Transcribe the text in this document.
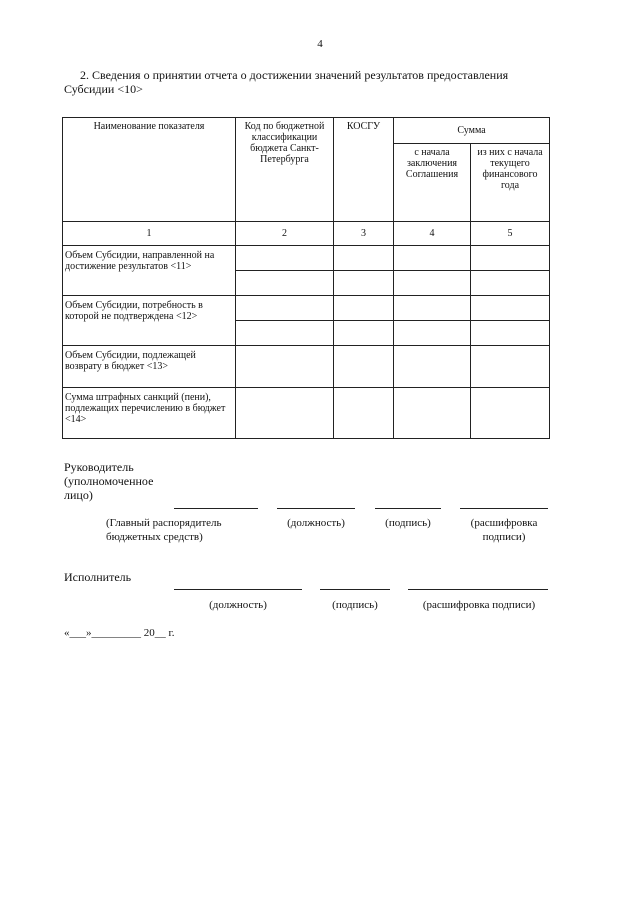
4
2. Сведения о принятии отчета о достижении значений результатов предоставления
Субсидии <10>
Наименование показателя	Код по бюджетной классификации бюджета Санкт-Петербурга	КОСГУ	Сумма	
			с начала заключения Соглашения	из них с начала текущего финансового года
1	2	3	4	5
Объем Субсидии, направленной на достижение результатов <11>				

Объем Субсидии, потребность в которой не подтверждена <12>				

Объем Субсидии, подлежащей возврату в бюджет <13>				
Сумма штрафных санкций (пени), подлежащих перечислению в бюджет <14>				
Руководитель (уполномоченное лицо)
(Главный распорядитель бюджетных средств)
(должность)	(подпись)	(расшифровка подписи)
Исполнитель
(должность)	(подпись)	(расшифровка подписи)
«___»_________ 20__ г.
